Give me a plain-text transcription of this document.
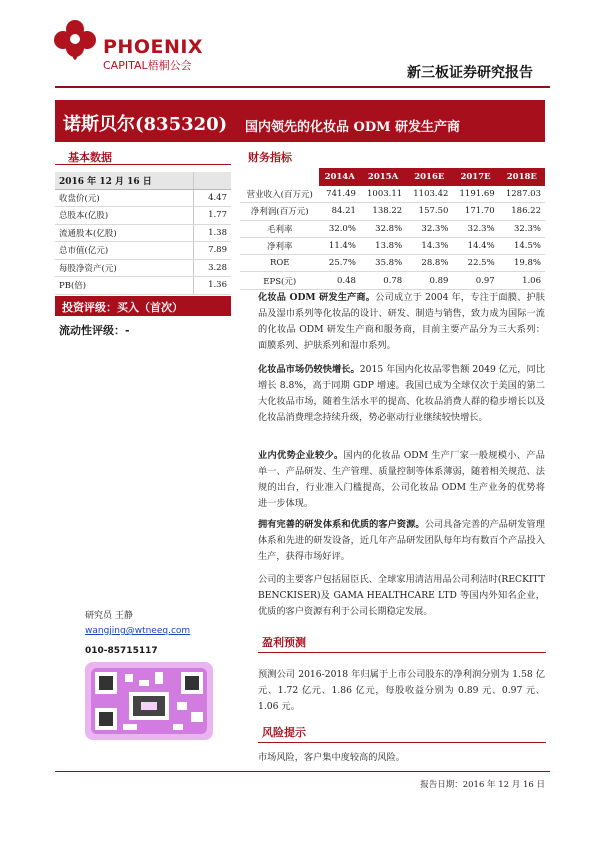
PHOENIX
CAPITAL梧桐公会	新三板证券研究报告
诺斯贝尔(835320) 国内领先的化妆品 ODM 研发生产商
基本数据
2016 年 12 月 16 日	
收盘价(元)	4.47
总股本(亿股)	1.77
流通股本(亿股)	1.38
总市值(亿元)	7.89
每股净资产(元)	3.28
PB(倍)	1.36
财务指标
	2014A	2015A	2016E	2017E	2018E
营业收入(百万元)	741.49	1003.11	1103.42	1191.69	1287.03
净利润(百万元)	84.21	138.22	157.50	171.70	186.22
毛利率	32.0%	32.8%	32.3%	32.3%	32.3%
净利率	11.4%	13.8%	14.3%	14.4%	14.5%
ROE	25.7%	35.8%	28.8%	22.5%	19.8%
EPS(元)	0.48	0.78	0.89	0.97	1.06
投资评级：买入（首次）
流动性评级：-
化妆品 ODM 研发生产商。公司成立于 2004 年，专注于面膜、护肤品及湿巾系列等化妆品的设计、研发、制造与销售，致力成为国际一流的化妆品 ODM 研发生产商和服务商，目前主要产品分为三大系列：面膜系列、护肤系列和湿巾系列。
化妆品市场仍较快增长。2015 年国内化妆品零售额 2049 亿元，同比增长 8.8%，高于同期 GDP 增速。我国已成为全球仅次于美国的第二大化妆品市场，随着生活水平的提高、化妆品消费人群的稳步增长以及化妆品消费理念持续升级，势必驱动行业继续较快增长。
业内优势企业较少。国内的化妆品 ODM 生产厂家一般规模小、产品单一、产品研发、生产管理、质量控制等体系薄弱，随着相关规范、法规的出台，行业准入门槛提高，公司化妆品 ODM 生产业务的优势将进一步体现。
拥有完善的研发体系和优质的客户资源。公司具备完善的产品研发管理体系和先进的研发设备，近几年产品研发团队每年均有数百个产品投入生产，获得市场好评。
公司的主要客户包括屈臣氏、全球家用清洁用品公司利洁时(RECKITT BENCKISER)及 GAMA HEALTHCARE LTD 等国内外知名企业，优质的客户资源有利于公司长期稳定发展。
盈利预测
预测公司 2016-2018 年归属于上市公司股东的净利润分别为 1.58 亿元、1.72 亿元、1.86 亿元，每股收益分别为 0.89 元、0.97 元、1.06 元。
风险提示
市场风险，客户集中度较高的风险。
研究员 王静
wangjing@wtneeq.com
010-85715117
报告日期：2016 年 12 月 16 日
